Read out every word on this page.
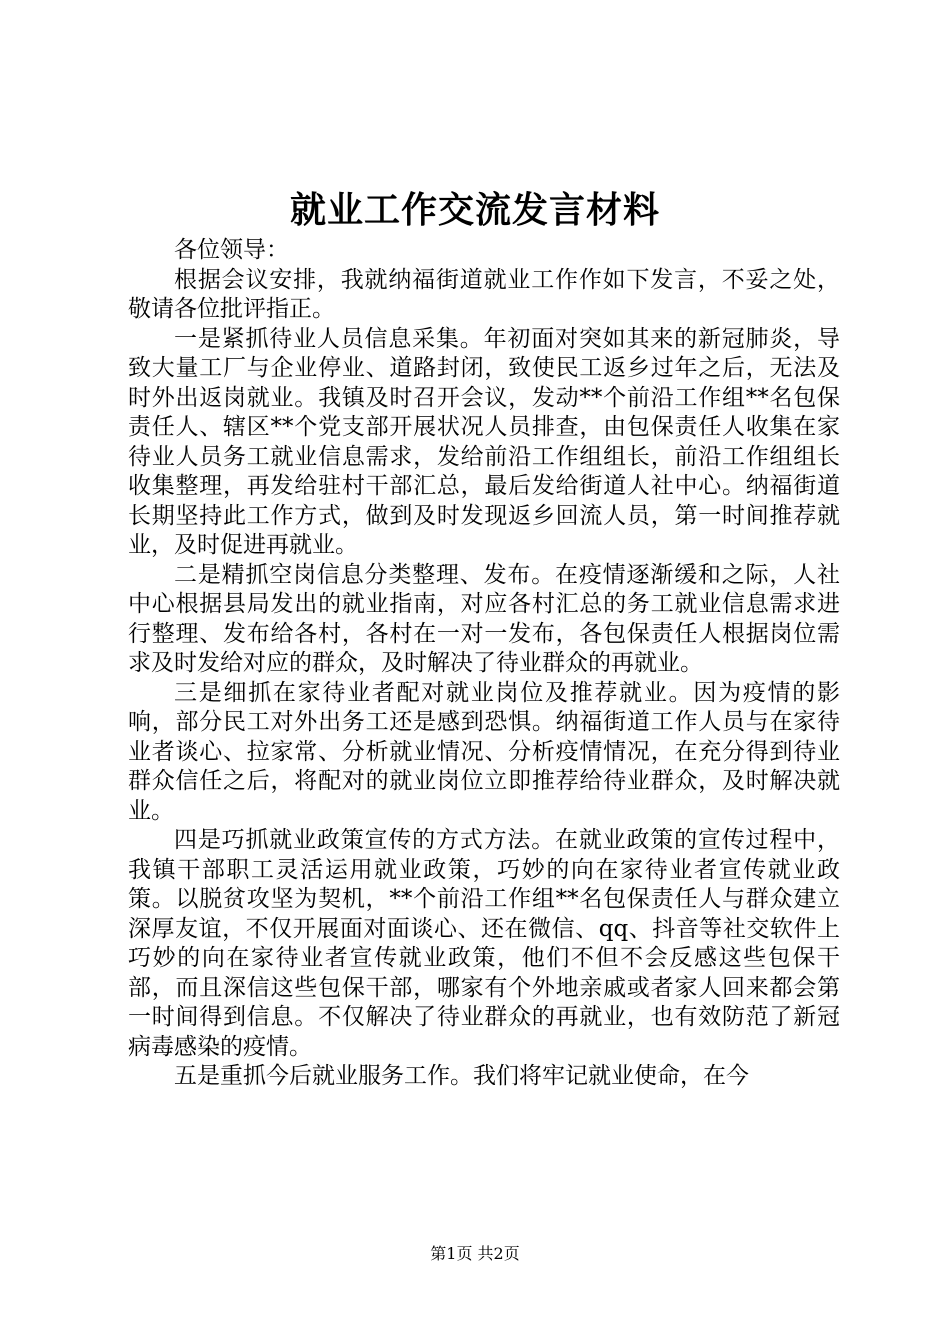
就业工作交流发言材料

各位领导：

根据会议安排，我就纳福街道就业工作作如下发言，不妥之处，敬请各位批评指正。

一是紧抓待业人员信息采集。年初面对突如其来的新冠肺炎，导致大量工厂与企业停业、道路封闭，致使民工返乡过年之后，无法及时外出返岗就业。我镇及时召开会议，发动**个前沿工作组**名包保责任人、辖区**个党支部开展状况人员排查，由包保责任人收集在家待业人员务工就业信息需求，发给前沿工作组组长，前沿工作组组长收集整理，再发给驻村干部汇总，最后发给街道人社中心。纳福街道长期坚持此工作方式，做到及时发现返乡回流人员，第一时间推荐就业，及时促进再就业。

二是精抓空岗信息分类整理、发布。在疫情逐渐缓和之际，人社中心根据县局发出的就业指南，对应各村汇总的务工就业信息需求进行整理、发布给各村，各村在一对一发布，各包保责任人根据岗位需求及时发给对应的群众，及时解决了待业群众的再就业。

三是细抓在家待业者配对就业岗位及推荐就业。因为疫情的影响，部分民工对外出务工还是感到恐惧。纳福街道工作人员与在家待业者谈心、拉家常、分析就业情况、分析疫情情况，在充分得到待业群众信任之后，将配对的就业岗位立即推荐给待业群众，及时解决就业。

四是巧抓就业政策宣传的方式方法。在就业政策的宣传过程中，我镇干部职工灵活运用就业政策，巧妙的向在家待业者宣传就业政策。以脱贫攻坚为契机，**个前沿工作组**名包保责任人与群众建立深厚友谊，不仅开展面对面谈心、还在微信、qq、抖音等社交软件上巧妙的向在家待业者宣传就业政策，他们不但不会反感这些包保干部，而且深信这些包保干部，哪家有个外地亲戚或者家人回来都会第一时间得到信息。不仅解决了待业群众的再就业，也有效防范了新冠病毒感染的疫情。

五是重抓今后就业服务工作。我们将牢记就业使命，在今

第1页 共2页
